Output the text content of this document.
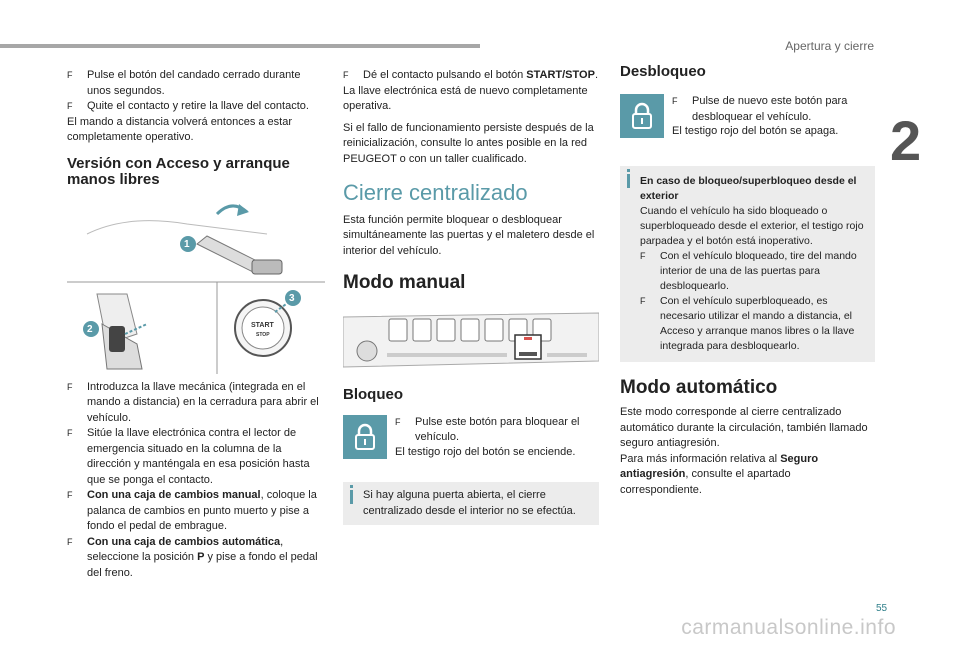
Apertura y cierre
2
55
carmanualsonline.info

F Pulse el botón del candado cerrado durante unos segundos.

F Quite el contacto y retire la llave del contacto.

El mando a distancia volverá entonces a estar completamente operativo.

Versión con Acceso y arranque manos libres
1
2
3
START
STOP

F Introduzca la llave mecánica (integrada en el mando a distancia) en la cerradura para abrir el vehículo.

F Sitúe la llave electrónica contra el lector de emergencia situado en la columna de la dirección y manténgala en esa posición hasta que se ponga el contacto.

F Con una caja de cambios manual, coloque la palanca de cambios en punto muerto y pise a fondo el pedal de embrague.

F Con una caja de cambios automática, seleccione la posición P y pise a fondo el pedal del freno.

F Dé el contacto pulsando el botón START/STOP.

La llave electrónica está de nuevo completamente operativa.

Si el fallo de funcionamiento persiste después de la reinicialización, consulte lo antes posible en la red PEUGEOT o con un taller cualificado.

Cierre centralizado

Esta función permite bloquear o desbloquear simultáneamente las puertas y el maletero desde el interior del vehículo.

Modo manual
Bloqueo

F Pulse este botón para bloquear el vehículo.

El testigo rojo del botón se enciende.

Si hay alguna puerta abierta, el cierre centralizado desde el interior no se efectúa.

Desbloqueo

F Pulse de nuevo este botón para desbloquear el vehículo.

El testigo rojo del botón se apaga.

En caso de bloqueo/superbloqueo desde el exterior

Cuando el vehículo ha sido bloqueado o superbloqueado desde el exterior, el testigo rojo parpadea y el botón está inoperativo.

F Con el vehículo bloqueado, tire del mando interior de una de las puertas para desbloquearlo.

F Con el vehículo superbloqueado, es necesario utilizar el mando a distancia, el Acceso y arranque manos libres o la llave integrada para desbloquearlo.

Modo automático

Este modo corresponde al cierre centralizado automático durante la circulación, también llamado seguro antiagresión.

Para más información relativa al Seguro antiagresión, consulte el apartado correspondiente.
